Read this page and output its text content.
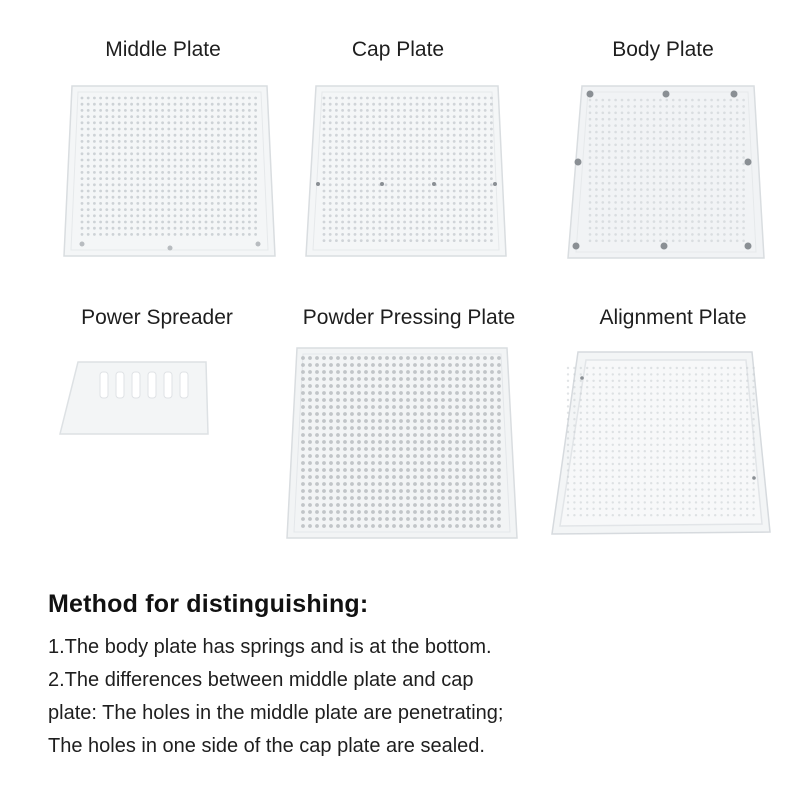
Middle Plate	Cap Plate	Body Plate
Power Spreader	Powder Pressing Plate	Alignment Plate
Method for distinguishing:

1.The body plate has springs and is at the bottom.

2.The differences between middle plate and cap

plate: The holes in the middle plate are penetrating;

The holes in one side of the cap plate are sealed.
